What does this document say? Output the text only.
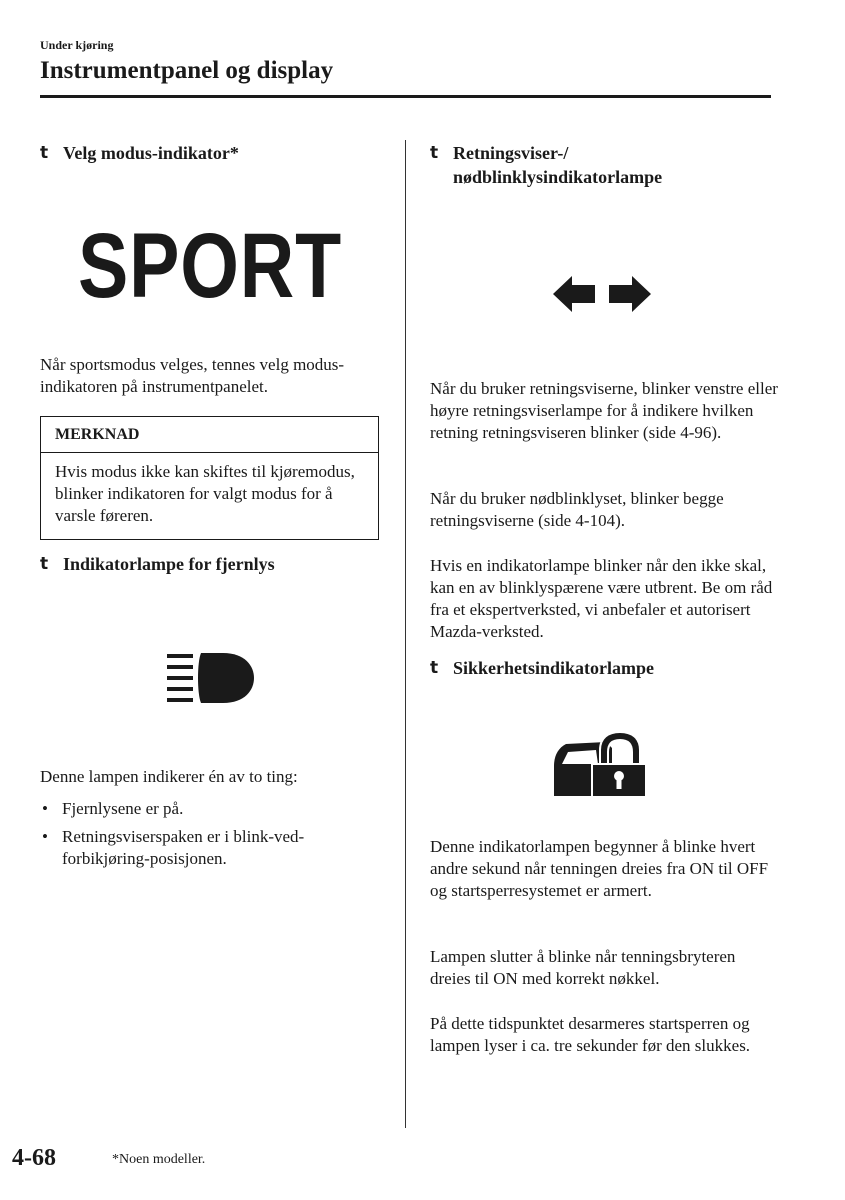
Under kjøring
Instrumentpanel og display
t Velg modus-indikator*
SPORT
Når sportsmodus velges, tennes velg modus-indikatoren på instrumentpanelet.
MERKNAD
Hvis modus ikke kan skiftes til kjøremodus, blinker indikatoren for valgt modus for å varsle føreren.
t Indikatorlampe for fjernlys
Denne lampen indikerer én av to ting:
• Fjernlysene er på.
• Retningsviserspaken er i blink-ved-forbikjøring-posisjonen.
t Retningsviser-/
nødblinklysindikatorlampe
Når du bruker retningsviserne, blinker venstre eller høyre retningsviserlampe for å indikere hvilken retning retningsviseren blinker (side 4-96).
Når du bruker nødblinklyset, blinker begge retningsviserne (side 4-104).
Hvis en indikatorlampe blinker når den ikke skal, kan en av blinklyspærene være utbrent. Be om råd fra et ekspertverksted, vi anbefaler et autorisert Mazda-verksted.
t Sikkerhetsindikatorlampe
Denne indikatorlampen begynner å blinke hvert andre sekund når tenningen dreies fra ON til OFF og startsperresystemet er armert.
Lampen slutter å blinke når tenningsbryteren dreies til ON med korrekt nøkkel.
På dette tidspunktet desarmeres startsperren og lampen lyser i ca. tre sekunder før den slukkes.
4-68	*Noen modeller.
